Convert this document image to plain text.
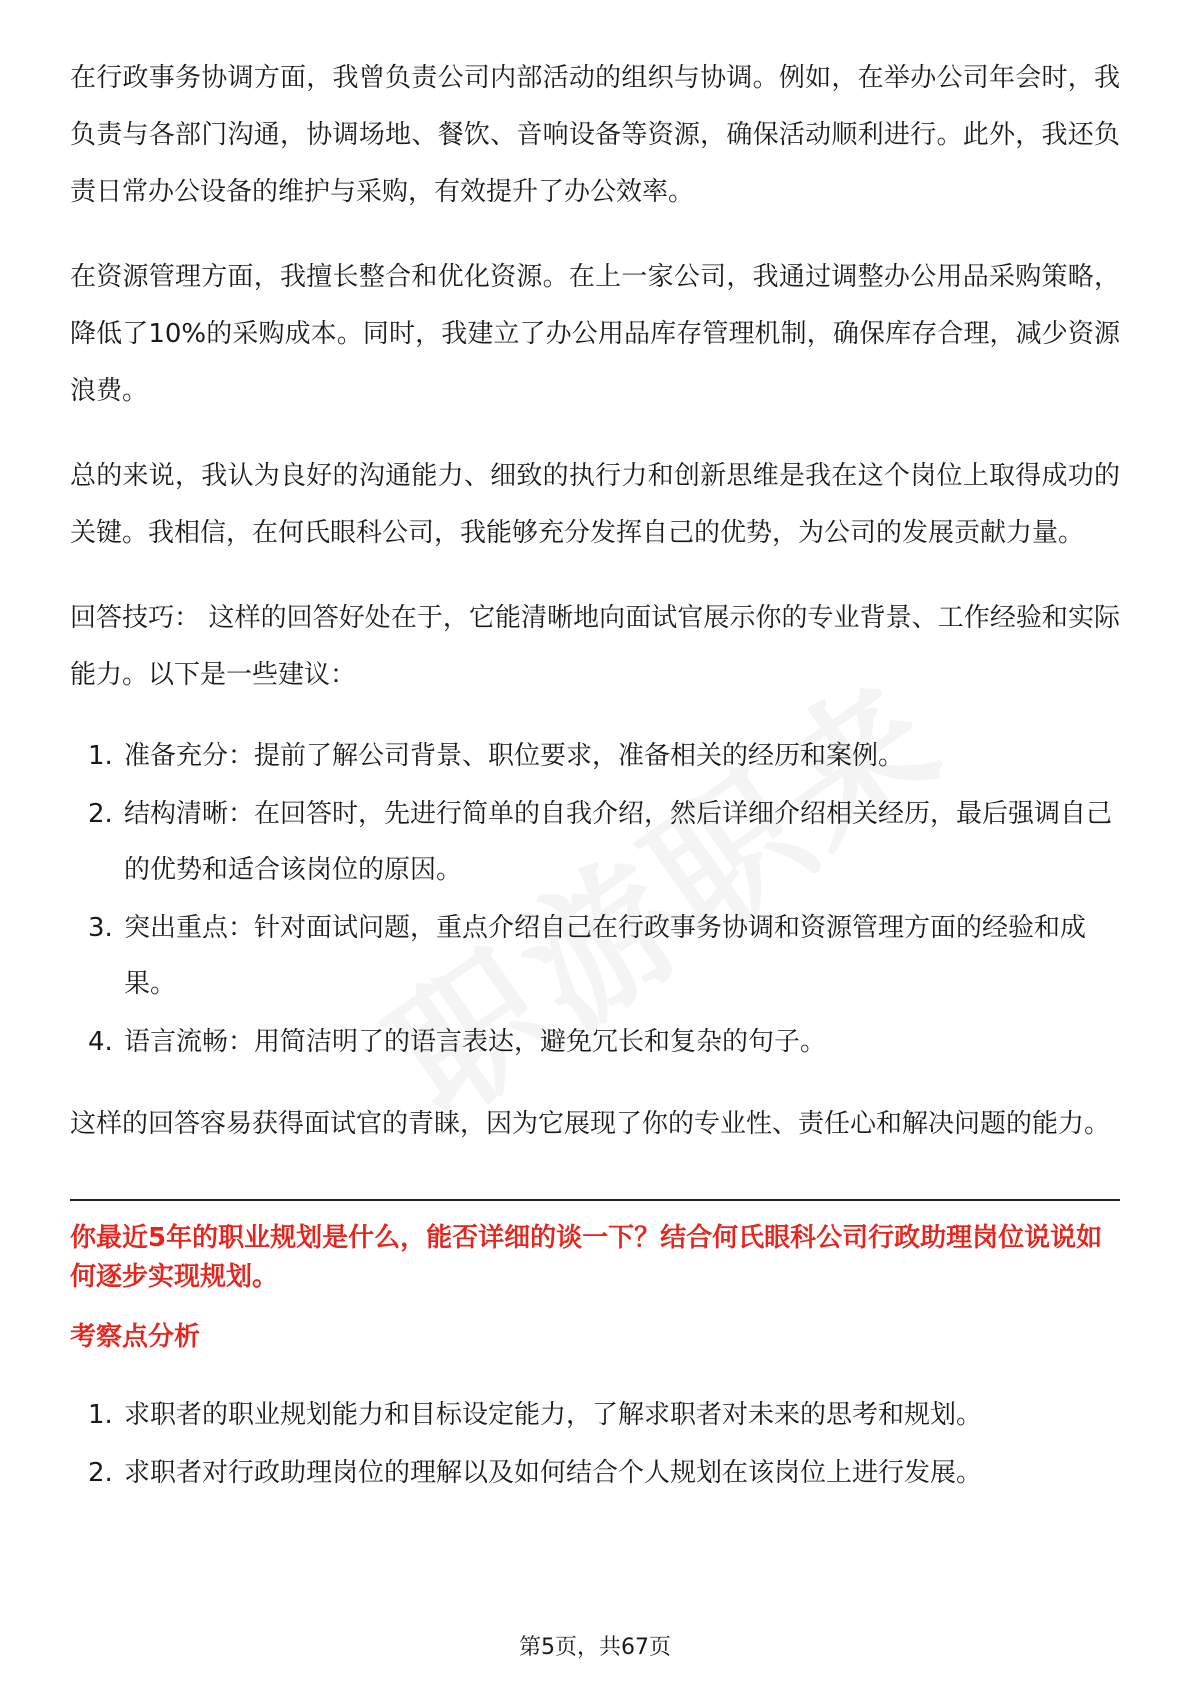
在行政事务协调方面，我曾负责公司内部活动的组织与协调。例如，在举办公司年会时，我负责与各部门沟通，协调场地、餐饮、音响设备等资源，确保活动顺利进行。此外，我还负责日常办公设备的维护与采购，有效提升了办公效率。

在资源管理方面，我擅长整合和优化资源。在上一家公司，我通过调整办公用品采购策略，降低了10%的采购成本。同时，我建立了办公用品库存管理机制，确保库存合理，减少资源浪费。

总的来说，我认为良好的沟通能力、细致的执行力和创新思维是我在这个岗位上取得成功的关键。我相信，在何氏眼科公司，我能够充分发挥自己的优势，为公司的发展贡献力量。

回答技巧： 这样的回答好处在于，它能清晰地向面试官展示你的专业背景、工作经验和实际能力。以下是一些建议：

1. 准备充分：提前了解公司背景、职位要求，准备相关的经历和案例。
2. 结构清晰：在回答时，先进行简单的自我介绍，然后详细介绍相关经历，最后强调自己的优势和适合该岗位的原因。
3. 突出重点：针对面试问题，重点介绍自己在行政事务协调和资源管理方面的经验和成果。
4. 语言流畅：用简洁明了的语言表达，避免冗长和复杂的句子。

这样的回答容易获得面试官的青睐，因为它展现了你的专业性、责任心和解决问题的能力。

你最近5年的职业规划是什么，能否详细的谈一下？结合何氏眼科公司行政助理岗位说说如何逐步实现规划。

考察点分析

1. 求职者的职业规划能力和目标设定能力，了解求职者对未来的思考和规划。
2. 求职者对行政助理岗位的理解以及如何结合个人规划在该岗位上进行发展。
第5页，共67页
